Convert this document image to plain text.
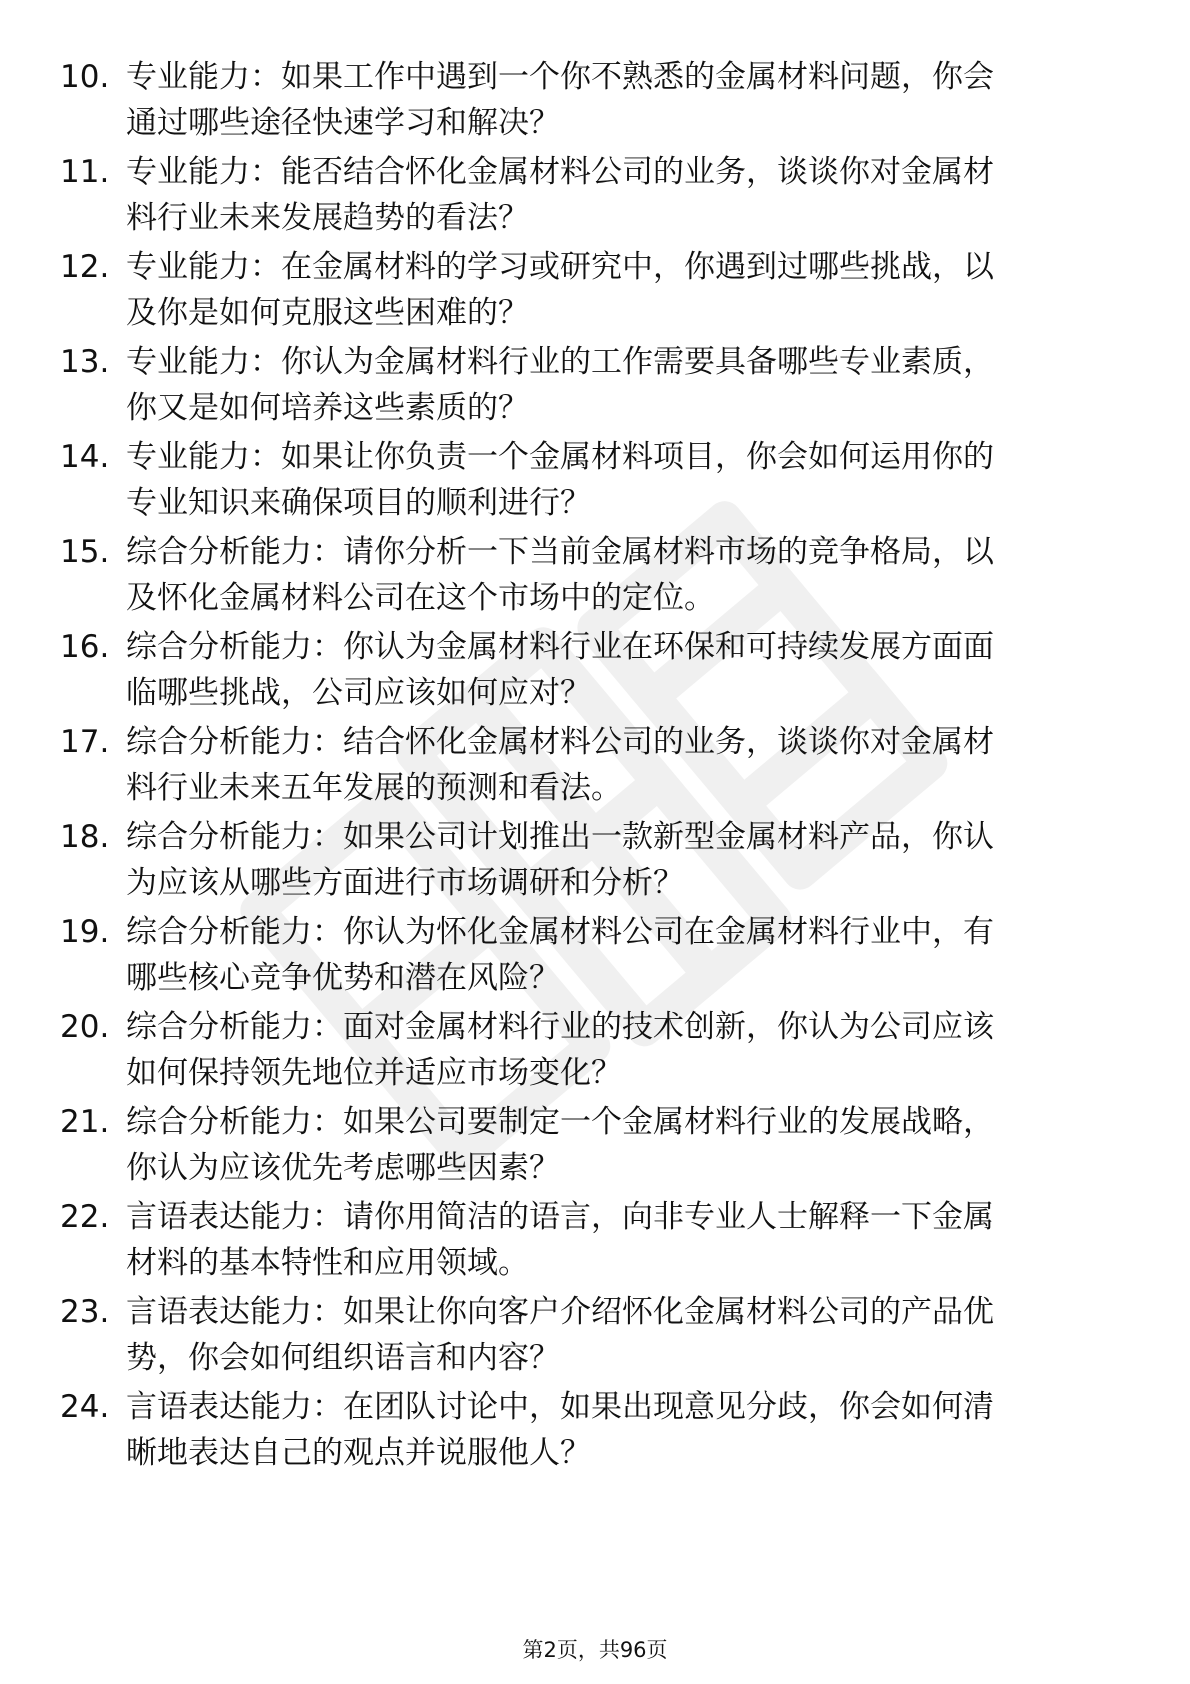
10. 专业能力：如果工作中遇到一个你不熟悉的金属材料问题，你会
通过哪些途径快速学习和解决？
11. 专业能力：能否结合怀化金属材料公司的业务，谈谈你对金属材
料行业未来发展趋势的看法？
12. 专业能力：在金属材料的学习或研究中，你遇到过哪些挑战，以
及你是如何克服这些困难的？
13. 专业能力：你认为金属材料行业的工作需要具备哪些专业素质，
你又是如何培养这些素质的？
14. 专业能力：如果让你负责一个金属材料项目，你会如何运用你的
专业知识来确保项目的顺利进行？
15. 综合分析能力：请你分析一下当前金属材料市场的竞争格局，以
及怀化金属材料公司在这个市场中的定位。
16. 综合分析能力：你认为金属材料行业在环保和可持续发展方面面
临哪些挑战，公司应该如何应对？
17. 综合分析能力：结合怀化金属材料公司的业务，谈谈你对金属材
料行业未来五年发展的预测和看法。
18. 综合分析能力：如果公司计划推出一款新型金属材料产品，你认
为应该从哪些方面进行市场调研和分析？
19. 综合分析能力：你认为怀化金属材料公司在金属材料行业中，有
哪些核心竞争优势和潜在风险？
20. 综合分析能力：面对金属材料行业的技术创新，你认为公司应该
如何保持领先地位并适应市场变化？
21. 综合分析能力：如果公司要制定一个金属材料行业的发展战略，
你认为应该优先考虑哪些因素？
22. 言语表达能力：请你用简洁的语言，向非专业人士解释一下金属
材料的基本特性和应用领域。
23. 言语表达能力：如果让你向客户介绍怀化金属材料公司的产品优
势，你会如何组织语言和内容？
24. 言语表达能力：在团队讨论中，如果出现意见分歧，你会如何清
晰地表达自己的观点并说服他人？
第2页，共96页
